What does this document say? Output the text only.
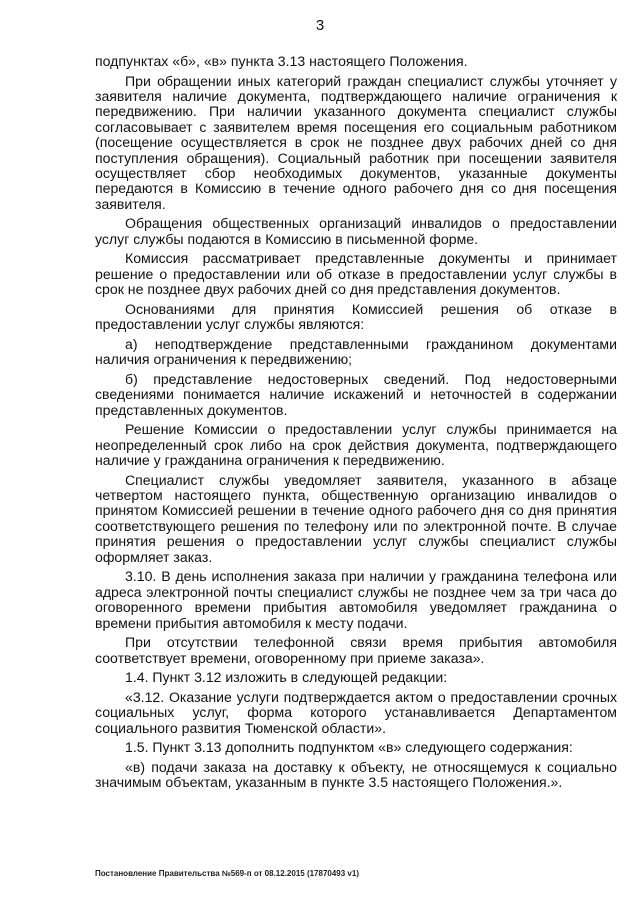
3

подпунктах «б», «в» пункта 3.13 настоящего Положения.

При обращении иных категорий граждан специалист службы уточняет у заявителя наличие документа, подтверждающего наличие ограничения к передвижению. При наличии указанного документа специалист службы согласовывает с заявителем время посещения его социальным работником (посещение осуществляется в срок не позднее двух рабочих дней со дня поступления обращения). Социальный работник при посещении заявителя осуществляет сбор необходимых документов, указанные документы передаются в Комиссию в течение одного рабочего дня со дня посещения заявителя.

Обращения общественных организаций инвалидов о предоставлении услуг службы подаются в Комиссию в письменной форме.

Комиссия рассматривает представленные документы и принимает решение о предоставлении или об отказе в предоставлении услуг службы в срок не позднее двух рабочих дней со дня представления документов.

Основаниями для принятия Комиссией решения об отказе в предоставлении услуг службы являются:

а) неподтверждение представленными гражданином документами наличия ограничения к передвижению;

б) представление недостоверных сведений. Под недостоверными сведениями понимается наличие искажений и неточностей в содержании представленных документов.

Решение Комиссии о предоставлении услуг службы принимается на неопределенный срок либо на срок действия документа, подтверждающего наличие у гражданина ограничения к передвижению.

Специалист службы уведомляет заявителя, указанного в абзаце четвертом настоящего пункта, общественную организацию инвалидов о принятом Комиссией решении в течение одного рабочего дня со дня принятия соответствующего решения по телефону или по электронной почте. В случае принятия решения о предоставлении услуг службы специалист службы оформляет заказ.

3.10. В день исполнения заказа при наличии у гражданина телефона или адреса электронной почты специалист службы не позднее чем за три часа до оговоренного времени прибытия автомобиля уведомляет гражданина о времени прибытия автомобиля к месту подачи.

При отсутствии телефонной связи время прибытия автомобиля соответствует времени, оговоренному при приеме заказа».

1.4. Пункт 3.12 изложить в следующей редакции:

«3.12. Оказание услуги подтверждается актом о предоставлении срочных социальных услуг, форма которого устанавливается Департаментом социального развития Тюменской области».

1.5. Пункт 3.13 дополнить подпунктом «в» следующего содержания:

«в) подачи заказа на доставку к объекту, не относящемуся к социально значимым объектам, указанным в пункте 3.5 настоящего Положения.».

Постановление Правительства №569-п от 08.12.2015 (17870493 v1)
